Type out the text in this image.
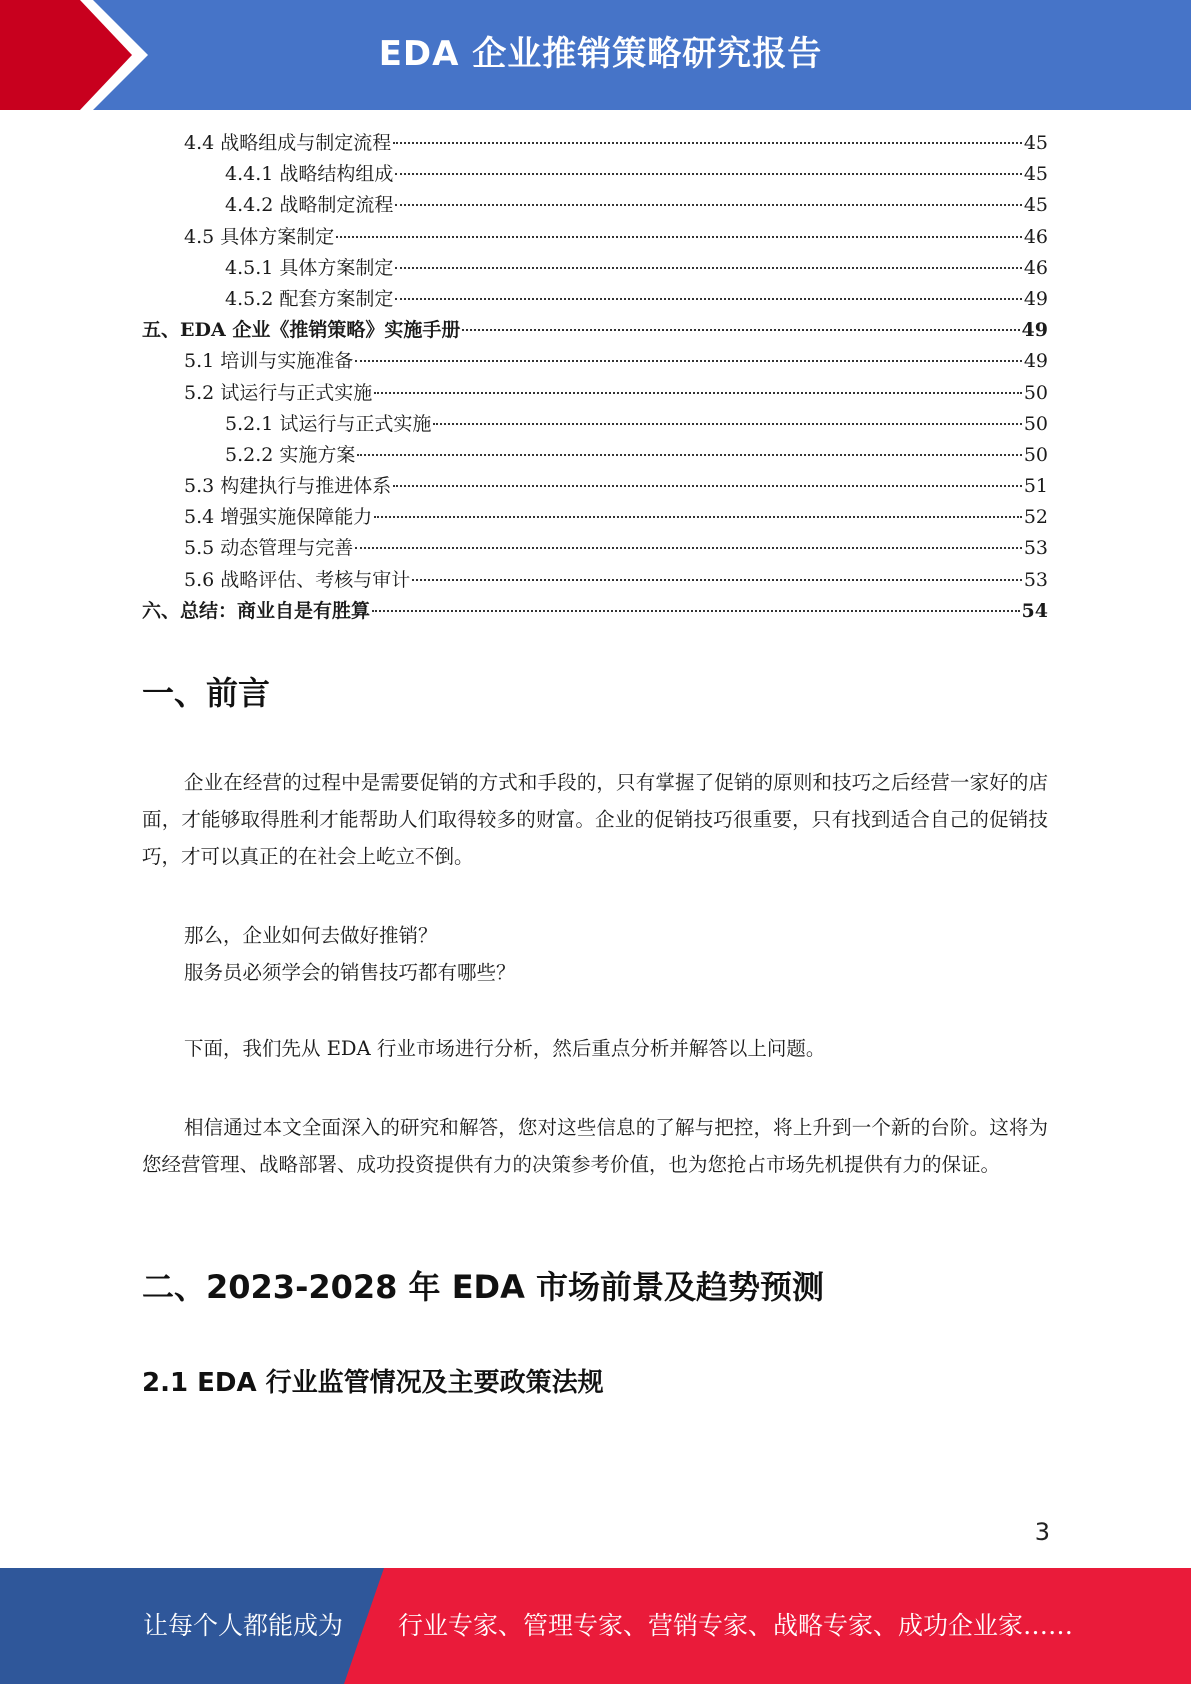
EDA 企业推销策略研究报告
4.4 战略组成与制定流程	45
4.4.1 战略结构组成	45
4.4.2 战略制定流程	45
4.5 具体方案制定	46
4.5.1 具体方案制定	46
4.5.2 配套方案制定	49
五、EDA 企业《推销策略》实施手册	49
5.1 培训与实施准备	49
5.2 试运行与正式实施	50
5.2.1 试运行与正式实施	50
5.2.2 实施方案	50
5.3 构建执行与推进体系	51
5.4 增强实施保障能力	52
5.5 动态管理与完善	53
5.6 战略评估、考核与审计	53
六、总结：商业自是有胜算	54
一、前言
企业在经营的过程中是需要促销的方式和手段的，只有掌握了促销的原则和技巧之后经营一家好的店面，才能够取得胜利才能帮助人们取得较多的财富。企业的促销技巧很重要，只有找到适合自己的促销技巧，才可以真正的在社会上屹立不倒。
那么，企业如何去做好推销？
服务员必须学会的销售技巧都有哪些？
下面，我们先从 EDA 行业市场进行分析，然后重点分析并解答以上问题。
相信通过本文全面深入的研究和解答，您对这些信息的了解与把控，将上升到一个新的台阶。这将为您经营管理、战略部署、成功投资提供有力的决策参考价值，也为您抢占市场先机提供有力的保证。
二、2023-2028 年 EDA 市场前景及趋势预测
2.1 EDA 行业监管情况及主要政策法规
3
让每个人都能成为 行业专家、管理专家、营销专家、战略专家、成功企业家……
